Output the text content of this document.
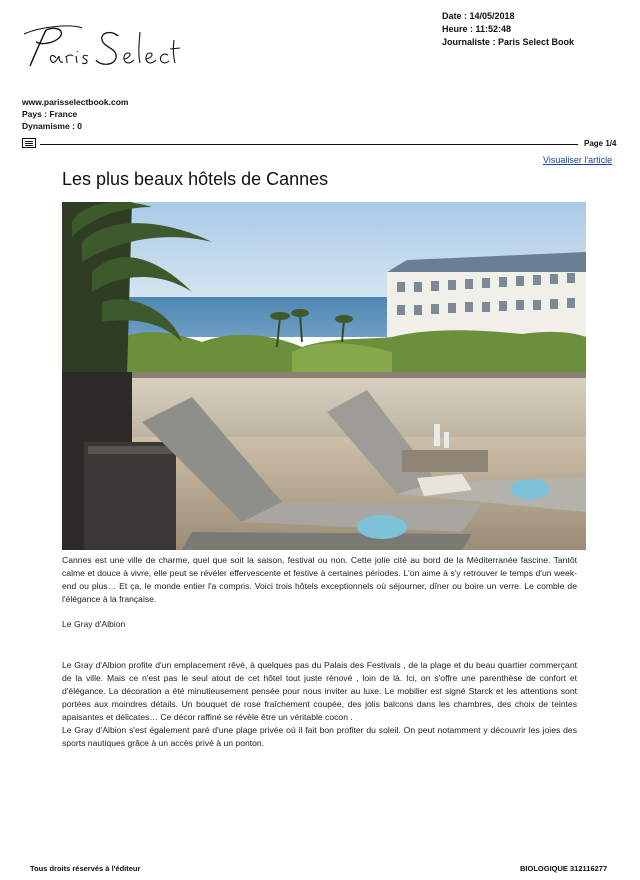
Date : 14/05/2018
Heure : 11:52:48
Journaliste : Paris Select Book
www.parisselectbook.com
Pays : France
Dynamisme : 0
Page 1/4
Visualiser l'article
Les plus beaux hôtels de Cannes

Cannes est une ville de charme, quel que soit la saison, festival ou non. Cette jolie cité au bord de la Méditerranée fascine. Tantôt calme et douce à vivre, elle peut se révéler effervescente et festive à certaines périodes. L'on aime à s'y retrouver le temps d'un week- end ou plus… Et ça, le monde entier l'a compris. Voici trois hôtels exceptionnels où séjourner, dîner ou boire un verre. Le comble de l'élégance à la française.

Le Gray d'Albion

Le Gray d'Albion profite d'un emplacement rêvé, à quelques pas du Palais des Festivals , de la plage et du beau quartier commerçant de la ville. Mais ce n'est pas le seul atout de cet hôtel tout juste rénové , loin de là. Ici, on s'offre une parenthèse de confort et d'élégance. La décoration a été minutieusement pensée pour nous inviter au luxe. Le mobilier est signé Starck et les attentions sont portées aux moindres détails. Un bouquet de rose fraîchement coupée, des jolis balcons dans les chambres, des choix de teintes apaisantes et délicates… Ce décor raffiné se révèle être un véritable cocon .

Le Gray d'Albion s'est également paré d'une plage privée où il fait bon profiter du soleil. On peut notamment y découvrir les joies des sports nautiques grâce à un accès privé à un ponton.

Tous droits réservés à l'éditeur	BIOLOGIQUE 312116277
